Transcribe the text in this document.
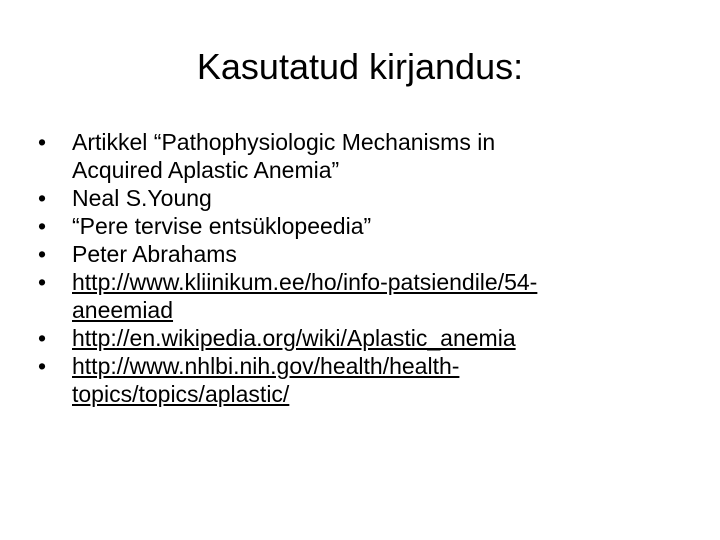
Kasutatud kirjandus:
• Artikkel “Pathophysiologic Mechanisms in
Acquired Aplastic Anemia”
• Neal S.Young
• “Pere tervise entsüklopeedia”
• Peter Abrahams
• http://www.kliinikum.ee/ho/info-patsiendile/54-
aneemiad
• http://en.wikipedia.org/wiki/Aplastic_anemia
• http://www.nhlbi.nih.gov/health/health-
topics/topics/aplastic/
